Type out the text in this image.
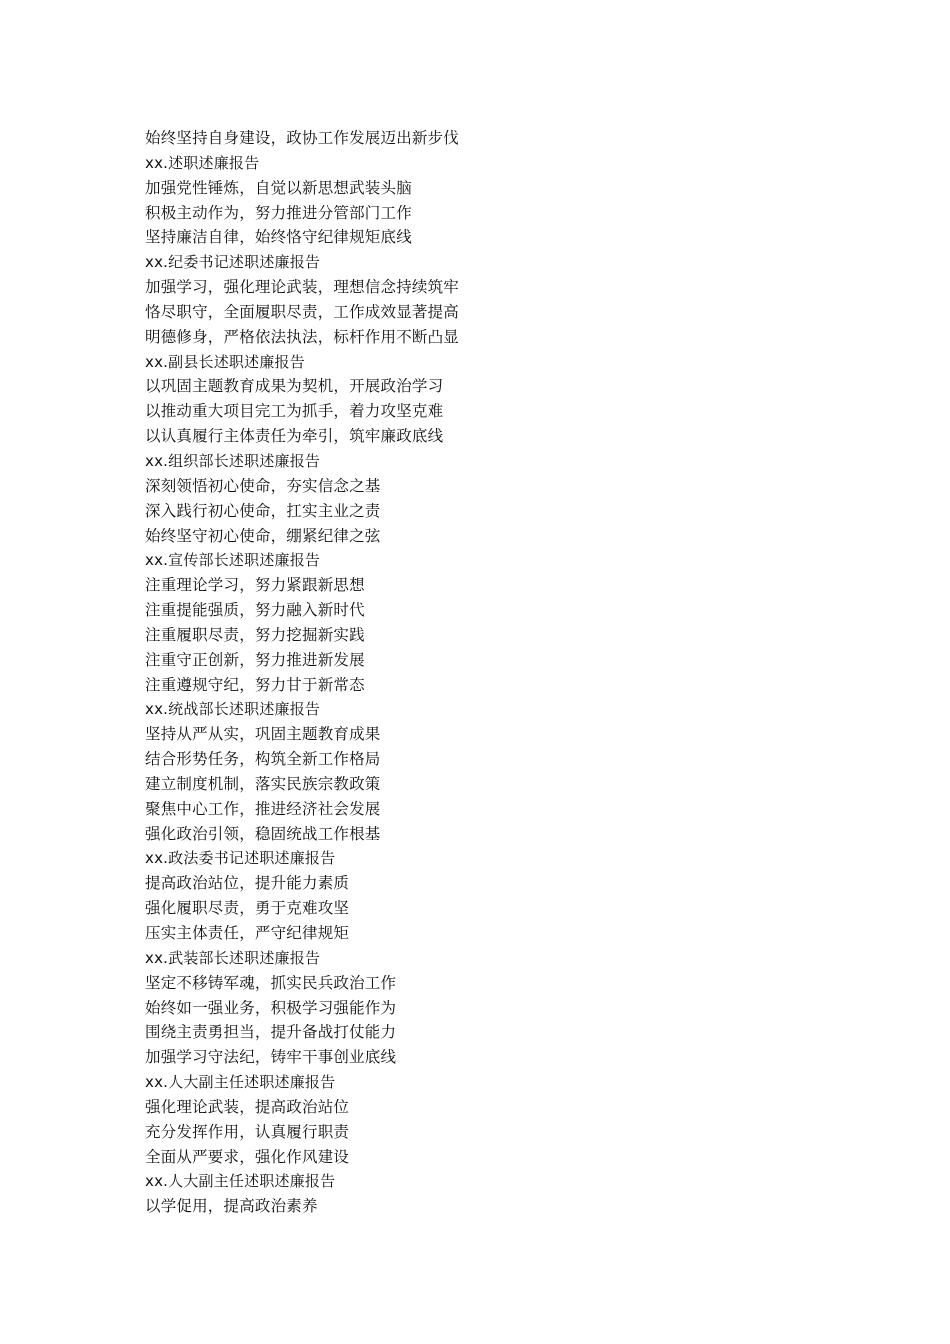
始终坚持自身建设，政协工作发展迈出新步伐
xx.述职述廉报告
加强党性锤炼，自觉以新思想武装头脑
积极主动作为，努力推进分管部门工作
坚持廉洁自律，始终恪守纪律规矩底线
xx.纪委书记述职述廉报告
加强学习，强化理论武装，理想信念持续筑牢
恪尽职守，全面履职尽责，工作成效显著提高
明德修身，严格依法执法，标杆作用不断凸显
xx.副县长述职述廉报告
以巩固主题教育成果为契机，开展政治学习
以推动重大项目完工为抓手，着力攻坚克难
以认真履行主体责任为牵引，筑牢廉政底线
xx.组织部长述职述廉报告
深刻领悟初心使命，夯实信念之基
深入践行初心使命，扛实主业之责
始终坚守初心使命，绷紧纪律之弦
xx.宣传部长述职述廉报告
注重理论学习，努力紧跟新思想
注重提能强质，努力融入新时代
注重履职尽责，努力挖掘新实践
注重守正创新，努力推进新发展
注重遵规守纪，努力甘于新常态
xx.统战部长述职述廉报告
坚持从严从实，巩固主题教育成果
结合形势任务，构筑全新工作格局
建立制度机制，落实民族宗教政策
聚焦中心工作，推进经济社会发展
强化政治引领，稳固统战工作根基
xx.政法委书记述职述廉报告
提高政治站位，提升能力素质
强化履职尽责，勇于克难攻坚
压实主体责任，严守纪律规矩
xx.武装部长述职述廉报告
坚定不移铸军魂，抓实民兵政治工作
始终如一强业务，积极学习强能作为
围绕主责勇担当，提升备战打仗能力
加强学习守法纪，铸牢干事创业底线
xx.人大副主任述职述廉报告
强化理论武装，提高政治站位
充分发挥作用，认真履行职责
全面从严要求，强化作风建设
xx.人大副主任述职述廉报告
以学促用，提高政治素养
